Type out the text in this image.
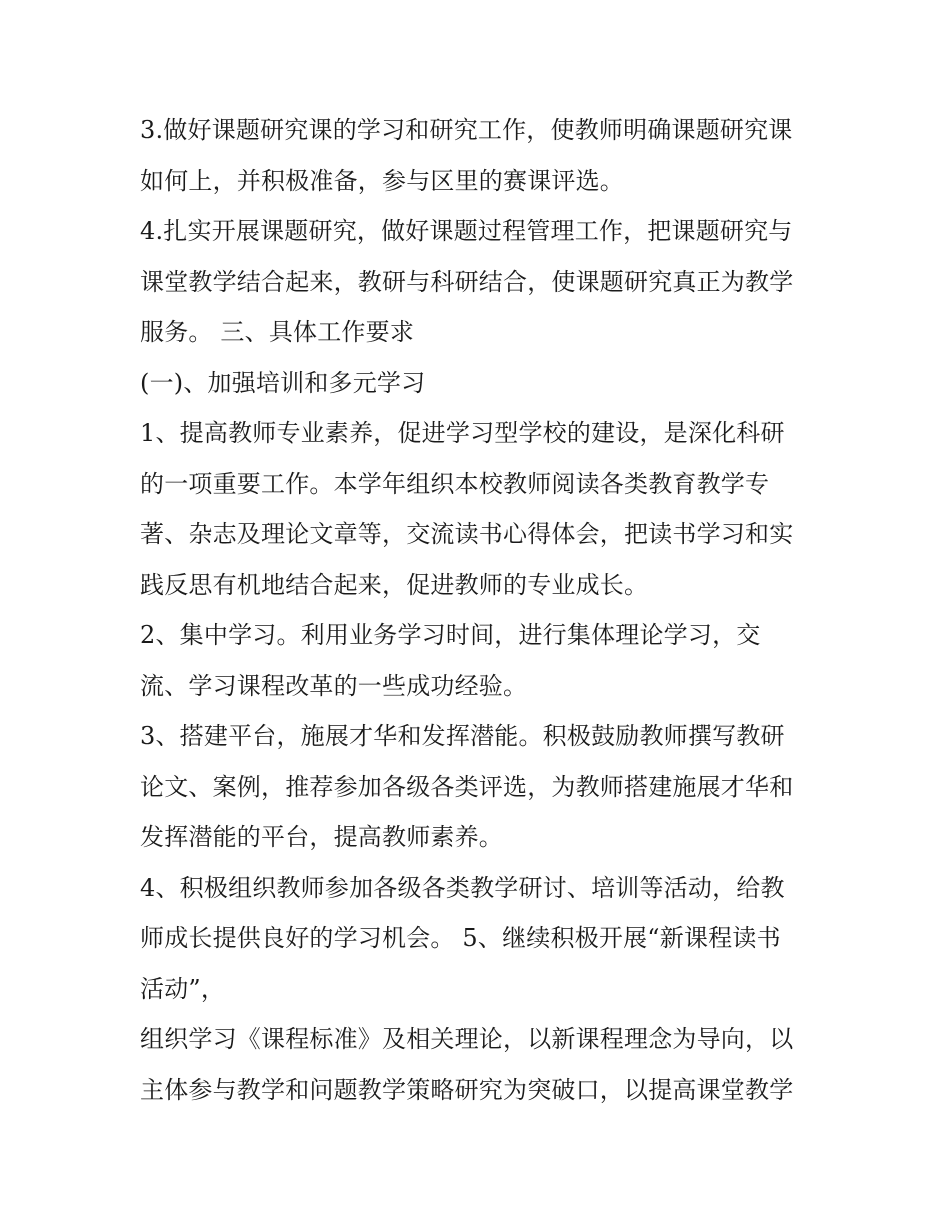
3.做好课题研究课的学习和研究工作，使教师明确课题研究课
如何上，并积极准备，参与区里的赛课评选。
4.扎实开展课题研究，做好课题过程管理工作，把课题研究与
课堂教学结合起来，教研与科研结合，使课题研究真正为教学
服务。 三、具体工作要求
(一)、加强培训和多元学习
1、提高教师专业素养，促进学习型学校的建设，是深化科研
的一项重要工作。本学年组织本校教师阅读各类教育教学专
著、杂志及理论文章等，交流读书心得体会，把读书学习和实
践反思有机地结合起来，促进教师的专业成长。
2、集中学习。利用业务学习时间，进行集体理论学习，交
流、学习课程改革的一些成功经验。
3、搭建平台，施展才华和发挥潜能。积极鼓励教师撰写教研
论文、案例，推荐参加各级各类评选，为教师搭建施展才华和
发挥潜能的平台，提高教师素养。
4、积极组织教师参加各级各类教学研讨、培训等活动，给教
师成长提供良好的学习机会。 5、继续积极开展“新课程读书
活动”，
组织学习《课程标准》及相关理论，以新课程理念为导向，以
主体参与教学和问题教学策略研究为突破口，以提高课堂教学
